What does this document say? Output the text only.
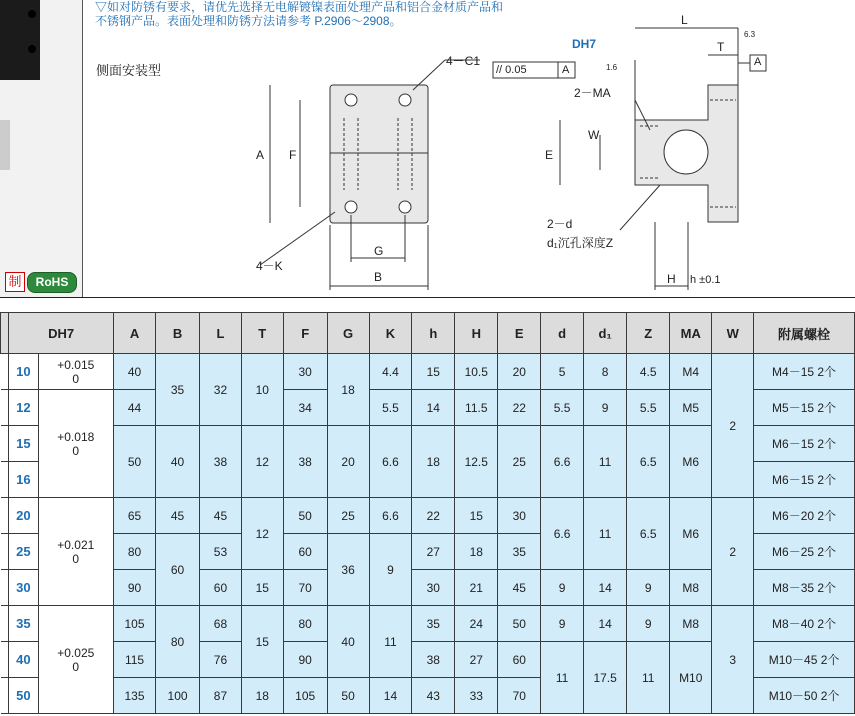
制	RoHS
▽如对防锈有要求，请优先选择无电解镀镍表面处理产品和铝合金材质产品和
不锈钢产品。表面处理和防锈方法请参考 P.2906～2908。
侧面安装型
4－C1
A F
G
B
4－K
2－MA
W
E
2－d
d₁沉孔深度Z
L
T
H h ±0.1
DH7
// 0.05	A
A
1.6
6.3
	DH7		A	B	L	T	F	G	K	h	H	E	d	d₁	Z	MA	W	附属螺栓
	10	+0.015
0	40	35	32	10	30	18	4.4	15	10.5	20	5	8	4.5	M4	2	M4－15 2个
	12	+0.018
0	44				34		5.5	14	11.5	22	5.5	9	5.5	M5		M5－15 2个
	15		50	40	38	12	38	20	6.6	18	12.5	25	6.6	11	6.5	M6		M6－15 2个
	16																	M6－15 2个
	20	+0.021
0	65	45	45	12	50	25	6.6	22	15	30	6.6	11	6.5	M6	2	M6－20 2个
	25		80	60	53		60	36	9	27	18	35						M6－25 2个
	30		90		60	15	70			30	21	45	9	14	9	M8		M8－35 2个
	35	+0.025
0	105	80	68	15	80	40	11	35	24	50	9	14	9	M8	3	M8－40 2个
	40		115		76		90			38	27	60	11	17.5	11	M10		M10－45 2个
	50		135	100	87	18	105	50	14	43	33	70						M10－50 2个
